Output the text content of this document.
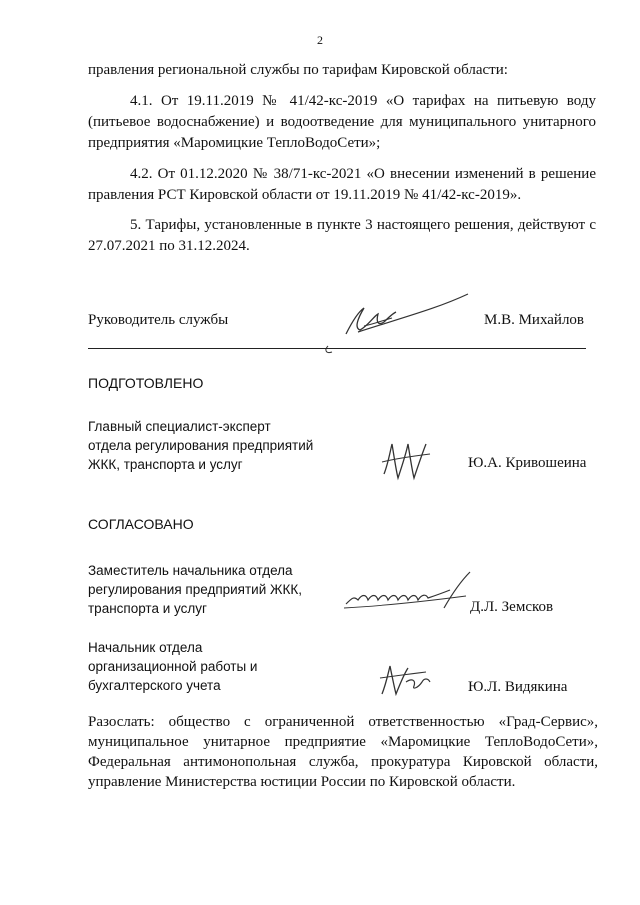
2
правления региональной службы по тарифам Кировской области:
4.1. От 19.11.2019 № 41/42-кс-2019 «О тарифах на питьевую воду (питьевое водоснабжение) и водоотведение для муниципального унитарного предприятия «Маромицкие ТеплоВодоСети»;
4.2. От 01.12.2020 № 38/71-кс-2021 «О внесении изменений в решение правления РСТ Кировской области от 19.11.2019 № 41/42-кс-2019».
5. Тарифы, установленные в пункте 3 настоящего решения, действуют с 27.07.2021 по 31.12.2024.
Руководитель службы	М.В. Михайлов
ПОДГОТОВЛЕНО
Главный специалист-эксперт
отдела регулирования предприятий
ЖКК, транспорта и услуг	Ю.А. Кривошеина
СОГЛАСОВАНО
Заместитель начальника отдела
регулирования предприятий ЖКК,
транспорта и услуг	Д.Л. Земсков
Начальник отдела
организационной работы и
бухгалтерского учета	Ю.Л. Видякина
Разослать: общество с ограниченной ответственностью «Град-Сервис», муниципальное унитарное предприятие «Маромицкие ТеплоВодоСети», Федеральная антимонопольная служба, прокуратура Кировской области, управление Министерства юстиции России по Кировской области.
